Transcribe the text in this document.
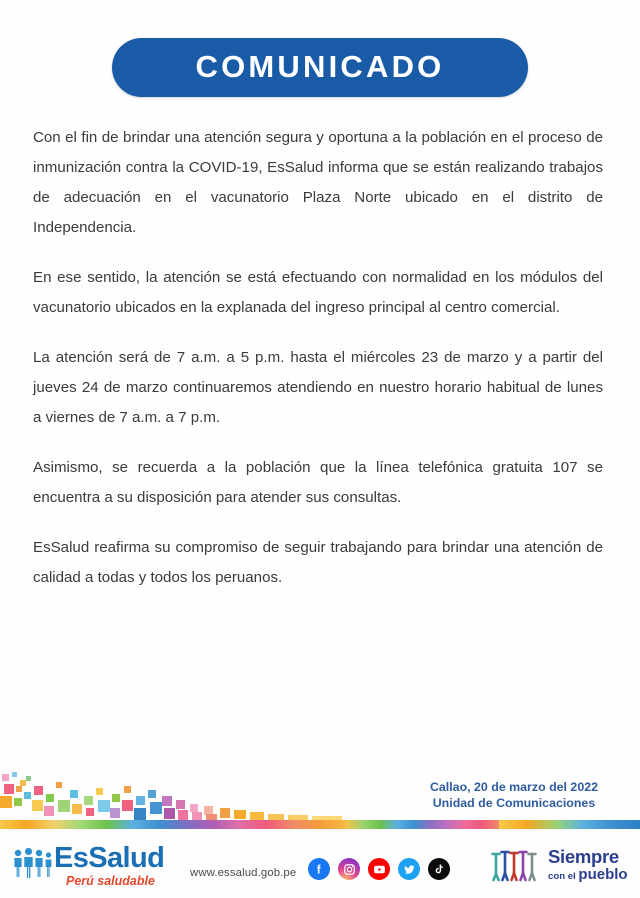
COMUNICADO

Con el fin de brindar una atención segura y oportuna a la población en el proceso de inmunización contra la COVID-19, EsSalud informa que se están realizando trabajos de adecuación en el vacunatorio Plaza Norte ubicado en el distrito de Independencia.

En ese sentido, la atención se está efectuando con normalidad en los módulos del vacunatorio ubicados en la explanada del ingreso principal al centro comercial.

La atención será de 7 a.m. a 5 p.m. hasta el miércoles 23 de marzo y a partir del jueves 24 de marzo continuaremos atendiendo en nuestro horario habitual de lunes a viernes de 7 a.m. a 7 p.m.

Asimismo, se recuerda a la población que la línea telefónica gratuita 107 se encuentra a su disposición para atender sus consultas.

EsSalud reafirma su compromiso de seguir trabajando para brindar una atención de calidad a todas y todos los peruanos.

Callao, 20 de marzo del 2022
Unidad de Comunicaciones
EsSalud
Perú saludable
www.essalud.gob.pe
Siempre
con el pueblo
